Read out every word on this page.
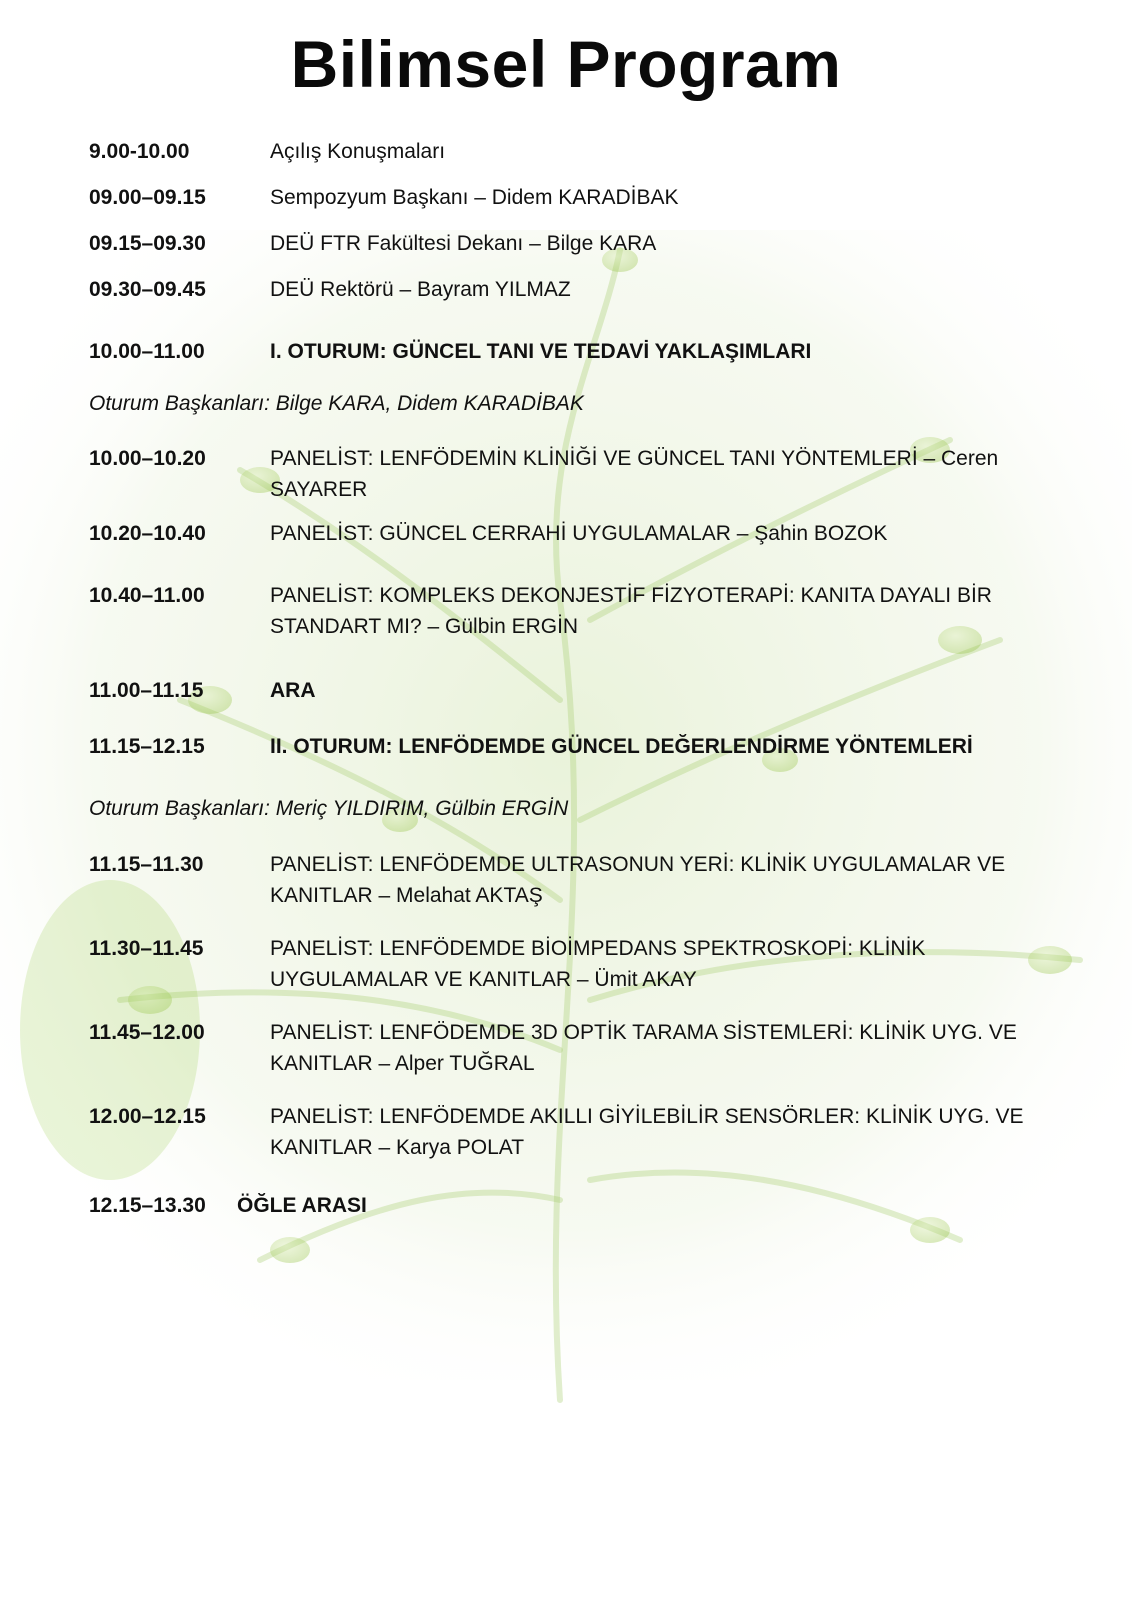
Bilimsel Program
9.00-10.00	Açılış Konuşmaları
09.00–09.15	Sempozyum Başkanı – Didem KARADİBAK
09.15–09.30	DEÜ FTR Fakültesi Dekanı – Bilge KARA
09.30–09.45	DEÜ Rektörü – Bayram YILMAZ
10.00–11.00	I. OTURUM: GÜNCEL TANI VE TEDAVİ YAKLAŞIMLARI
Oturum Başkanları: Bilge KARA, Didem KARADİBAK
10.00–10.20	PANELİST: LENFÖDEMİN KLİNİĞİ VE GÜNCEL TANI YÖNTEMLERİ – Ceren SAYARER
10.20–10.40	PANELİST: GÜNCEL CERRAHİ UYGULAMALAR – Şahin BOZOK
10.40–11.00	PANELİST: KOMPLEKS DEKONJESTİF FİZYOTERAPİ: KANITA DAYALI BİR STANDART MI? – Gülbin ERGİN
11.00–11.15	ARA
11.15–12.15	II. OTURUM: LENFÖDEMDE GÜNCEL DEĞERLENDİRME YÖNTEMLERİ
Oturum Başkanları: Meriç YILDIRIM, Gülbin ERGİN
11.15–11.30	PANELİST: LENFÖDEMDE ULTRASONUN YERİ: KLİNİK UYGULAMALAR VE KANITLAR – Melahat AKTAŞ
11.30–11.45	PANELİST: LENFÖDEMDE BİOİMPEDANS SPEKTROSKOPİ: KLİNİK UYGULAMALAR VE KANITLAR – Ümit AKAY
11.45–12.00	PANELİST: LENFÖDEMDE 3D OPTİK TARAMA SİSTEMLERİ: KLİNİK UYG. VE KANITLAR – Alper TUĞRAL
12.00–12.15	PANELİST: LENFÖDEMDE AKILLI GİYİLEBİLİR SENSÖRLER: KLİNİK UYG. VE KANITLAR – Karya POLAT
12.15–13.30 ÖĞLE ARASI
